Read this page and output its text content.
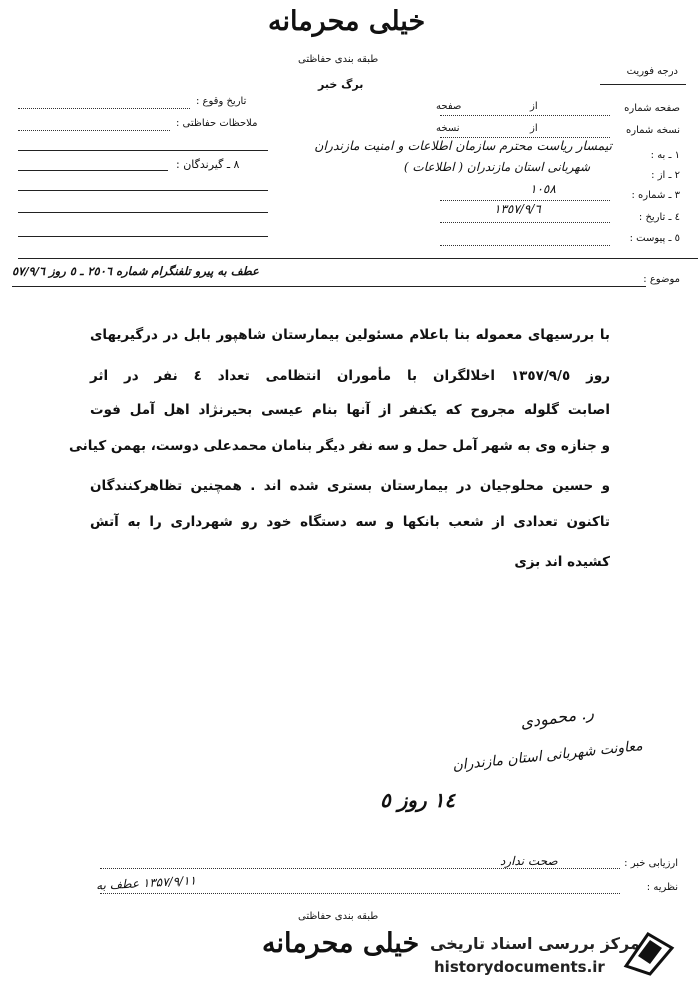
خیلی محرمانه
طبقه بندی حفاظتی
برگ خبر
درجه فوریت
تاریخ وقوع :
ملاحظات حفاظتی :
٨ ـ گیرندگان :
صفحه شماره
از
صفحه
نسخه شماره
از
نسخه
١ ـ به :
تیمسار ریاست محترم سازمان اطلاعات و امنیت مازندران
٢ ـ از :
شهربانی استان مازندران ( اطلاعات )
٣ ـ شماره :
١٠٥٨
٤ ـ تاریخ :
١٣٥٧/٩/٦
٥ ـ پیوست :
موضوع :
عطف به پیرو تلفنگرام شماره ٢٥٠٦ ـ ٥ روز ٥٧/٩/٦
با بررسیهای معموله بنا باعلام مسئولین بیمارستان شاهپور بابل در درگیریهای
روز ١٣٥٧/٩/٥ اخلالگران با مأموران انتظامی تعداد ٤ نفر در اثر
اصابت گلوله مجروح که یکنفر از آنها بنام عیسی بحیرنژاد اهل آمل فوت
و جنازه وی به شهر آمل حمل و سه نفر دیگر بنامان محمدعلی دوست، بهمن کیانی
و حسین محلوجیان در بیمارستان بستری شده اند . همچنین تظاهرکنندگان
تاکنون تعدادی از شعب بانکها و سه دستگاه خود رو شهرداری را به آتش
کشیده اند بزی
ر. محمودی
معاونت شهربانی استان مازندران
١٤ روز ٥
ارزیابی خبر :
صحت ندارد
نظریه :
۱۳۵۷/۹/۱۱ عطف به
طبقه بندی حفاظتی
خیلی محرمانه مرکز بررسی اسناد تاریخی
historydocuments.ir
